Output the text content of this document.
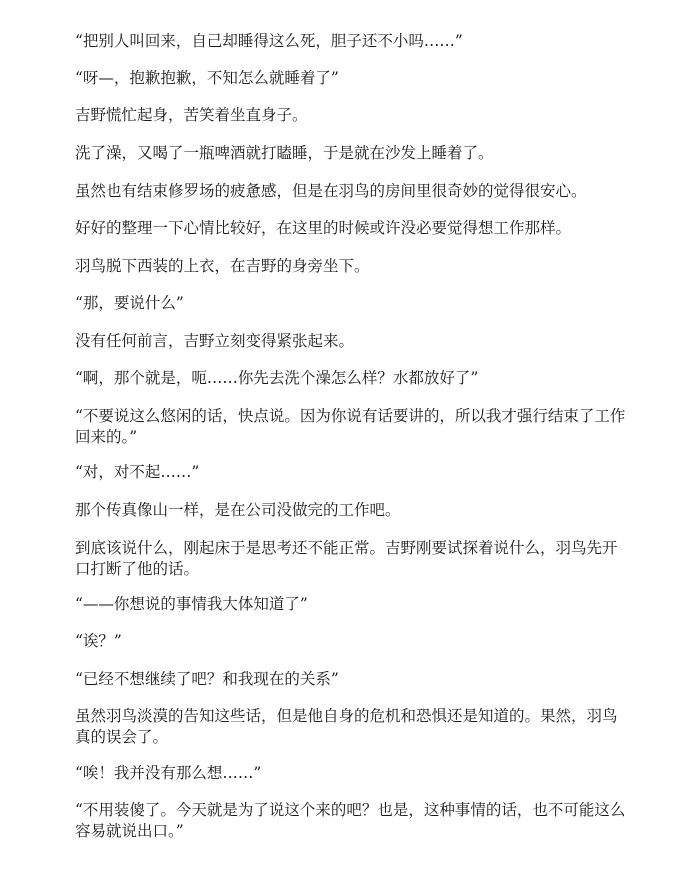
“把别人叫回来，自己却睡得这么死，胆子还不小吗……”

“呀—，抱歉抱歉，不知怎么就睡着了”

吉野慌忙起身，苦笑着坐直身子。

洗了澡，又喝了一瓶啤酒就打瞌睡，于是就在沙发上睡着了。

虽然也有结束修罗场的疲惫感，但是在羽鸟的房间里很奇妙的觉得很安心。

好好的整理一下心情比较好，在这里的时候或许没必要觉得想工作那样。

羽鸟脱下西装的上衣，在吉野的身旁坐下。

“那，要说什么”

没有任何前言，吉野立刻变得紧张起来。

“啊，那个就是，呃……你先去洗个澡怎么样？水都放好了”

“不要说这么悠闲的话，快点说。因为你说有话要讲的，所以我才强行结束了工作回来的。”

“对，对不起……”

那个传真像山一样，是在公司没做完的工作吧。

到底该说什么，刚起床于是思考还不能正常。吉野刚要试探着说什么，羽鸟先开口打断了他的话。

“——你想说的事情我大体知道了”

“诶？”

“已经不想继续了吧？和我现在的关系”

虽然羽鸟淡漠的告知这些话，但是他自身的危机和恐惧还是知道的。果然，羽鸟真的误会了。

“唉！我并没有那么想……”

“不用装傻了。今天就是为了说这个来的吧？也是，这种事情的话，也不可能这么容易就说出口。”
